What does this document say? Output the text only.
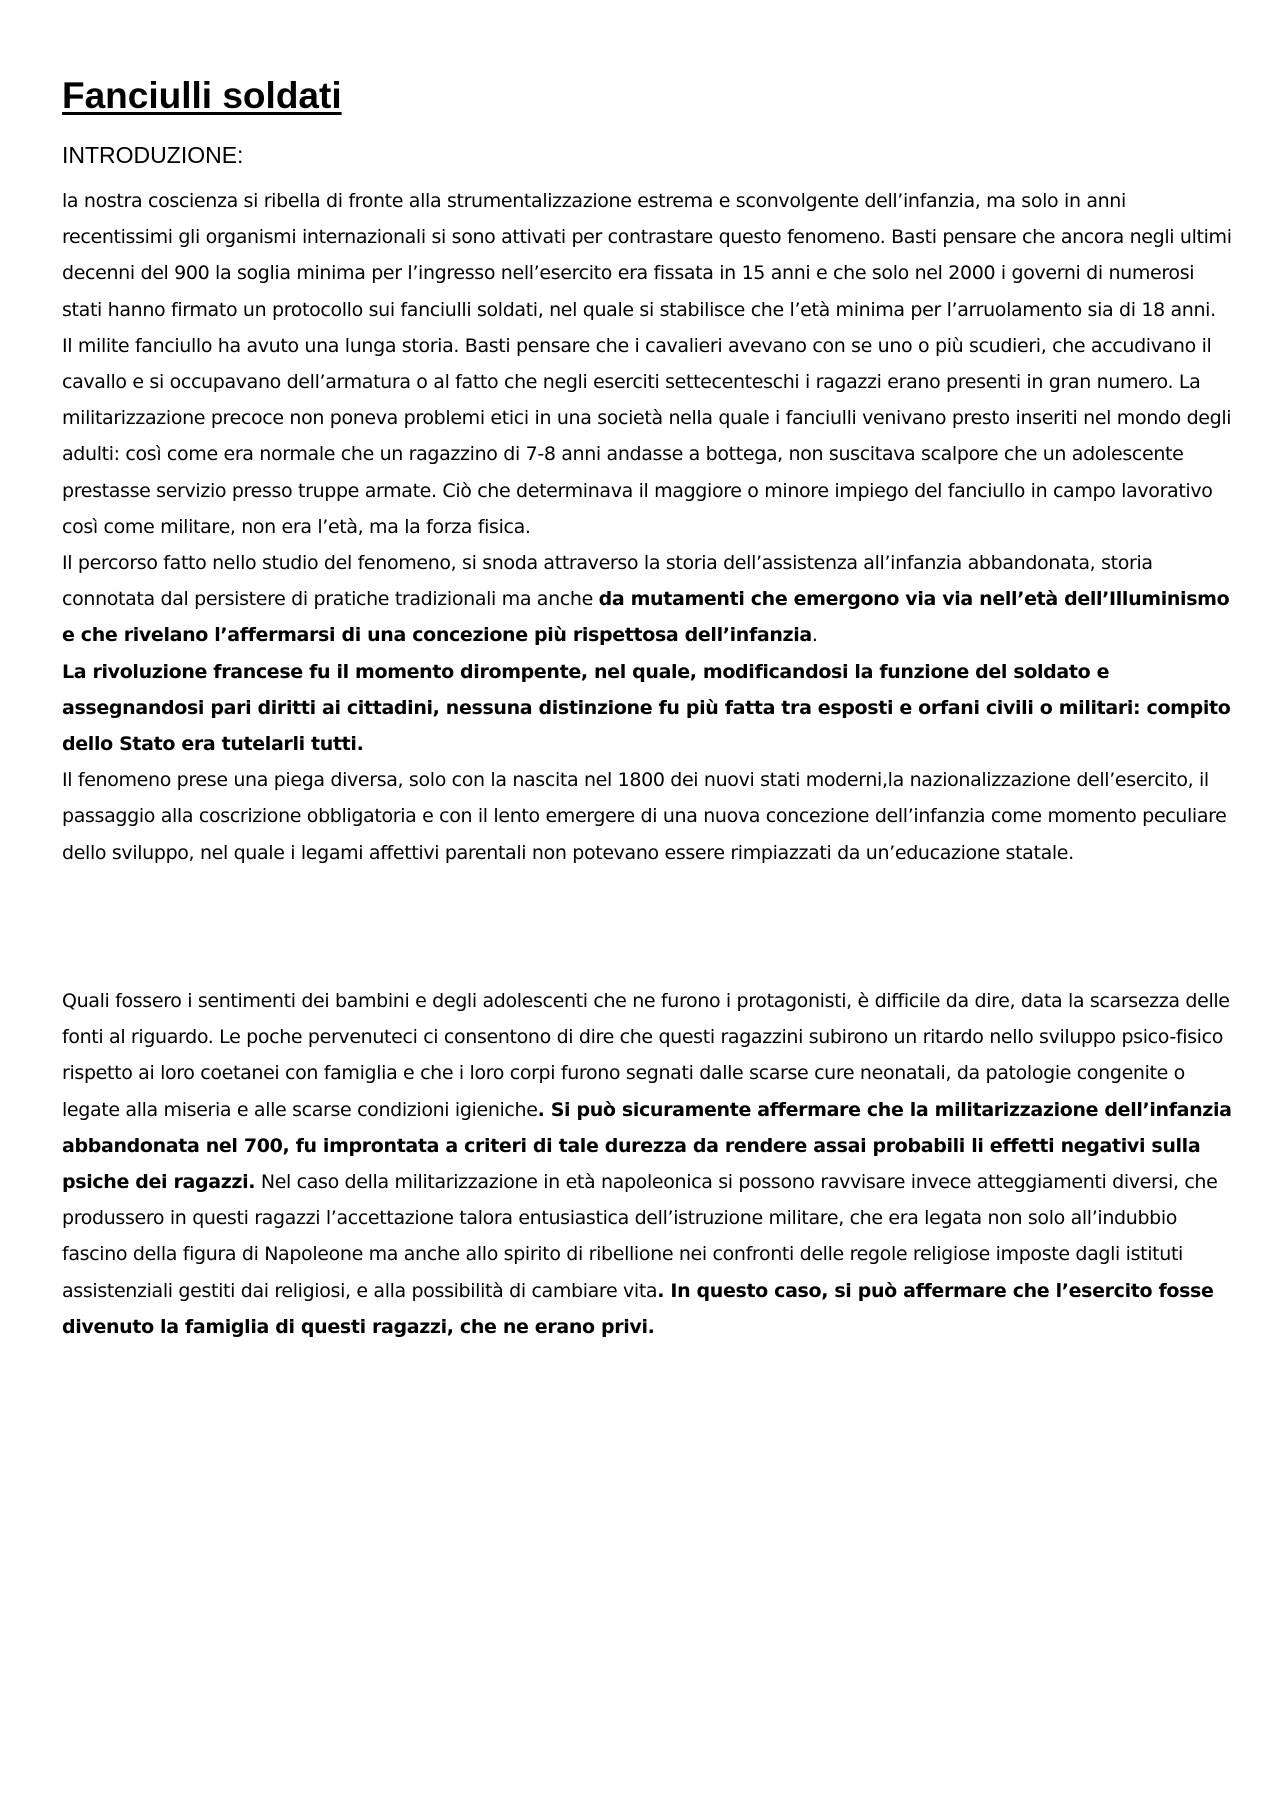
Fanciulli soldati
INTRODUZIONE:

la nostra coscienza si ribella di fronte alla strumentalizzazione estrema e sconvolgente dell’infanzia, ma solo in anni recentissimi gli organismi internazionali si sono attivati per contrastare questo fenomeno. Basti pensare che ancora negli ultimi decenni del 900 la soglia minima per l’ingresso nell’esercito era fissata in 15 anni e che solo nel 2000 i governi di numerosi stati hanno firmato un protocollo sui fanciulli soldati, nel quale si stabilisce che l’età minima per l’arruolamento sia di 18 anni.

Il milite fanciullo ha avuto una lunga storia. Basti pensare che i cavalieri avevano con se uno o più scudieri, che accudivano il cavallo e si occupavano dell’armatura o al fatto che negli eserciti settecenteschi i ragazzi erano presenti in gran numero. La militarizzazione precoce non poneva problemi etici in una società nella quale i fanciulli venivano presto inseriti nel mondo degli adulti: così come era normale che un ragazzino di 7-8 anni andasse a bottega, non suscitava scalpore che un adolescente prestasse servizio presso truppe armate. Ciò che determinava il maggiore o minore impiego del fanciullo in campo lavorativo così come militare, non era l’età, ma la forza fisica.

Il percorso fatto nello studio del fenomeno, si snoda attraverso la storia dell’assistenza all’infanzia abbandonata, storia connotata dal persistere di pratiche tradizionali ma anche da mutamenti che emergono via via nell’età dell’Illuminismo e che rivelano l’affermarsi di una concezione più rispettosa dell’infanzia.

La rivoluzione francese fu il momento dirompente, nel quale, modificandosi la funzione del soldato e assegnandosi pari diritti ai cittadini, nessuna distinzione fu più fatta tra esposti e orfani civili o militari: compito dello Stato era tutelarli tutti.

Il fenomeno prese una piega diversa, solo con la nascita nel 1800 dei nuovi stati moderni,la nazionalizzazione dell’esercito, il passaggio alla coscrizione obbligatoria e con il lento emergere di una nuova concezione dell’infanzia come momento peculiare dello sviluppo, nel quale i legami affettivi parentali non potevano essere rimpiazzati da un’educazione statale.

Quali fossero i sentimenti dei bambini e degli adolescenti che ne furono i protagonisti, è difficile da dire, data la scarsezza delle fonti al riguardo. Le poche pervenuteci ci consentono di dire che questi ragazzini subirono un ritardo nello sviluppo psico-fisico rispetto ai loro coetanei con famiglia e che i loro corpi furono segnati dalle scarse cure neonatali, da patologie congenite o legate alla miseria e alle scarse condizioni igieniche. Si può sicuramente affermare che la militarizzazione dell’infanzia abbandonata nel 700, fu improntata a criteri di tale durezza da rendere assai probabili li effetti negativi sulla psiche dei ragazzi. Nel caso della militarizzazione in età napoleonica si possono ravvisare invece atteggiamenti diversi, che produssero in questi ragazzi l’accettazione talora entusiastica dell’istruzione militare, che era legata non solo all’indubbio fascino della figura di Napoleone ma anche allo spirito di ribellione nei confronti delle regole religiose imposte dagli istituti assistenziali gestiti dai religiosi, e alla possibilità di cambiare vita. In questo caso, si può affermare che l’esercito fosse divenuto la famiglia di questi ragazzi, che ne erano privi.
